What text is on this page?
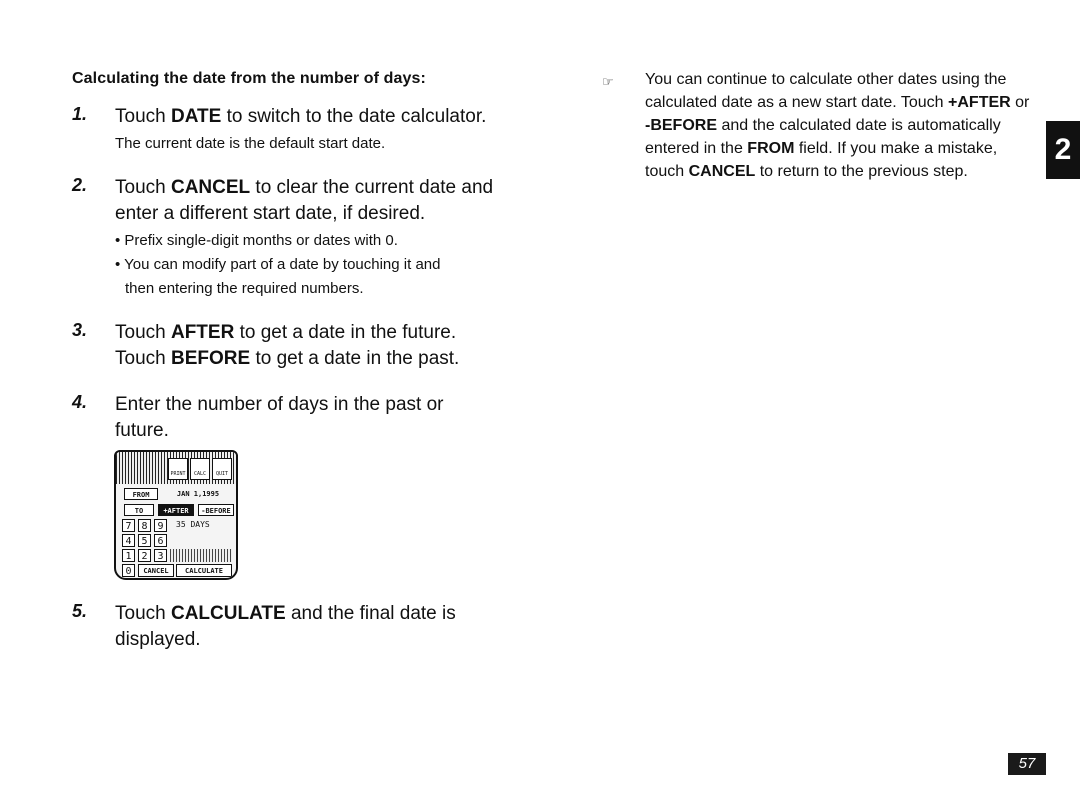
Calculating the date from the number of days:
1. Touch DATE to switch to the date calculator.
The current date is the default start date.
2. Touch CANCEL to clear the current date and enter a different start date, if desired.
• Prefix single-digit months or dates with 0.
• You can modify part of a date by touching it and
then entering the required numbers.
3. Touch AFTER to get a date in the future.
Touch BEFORE to get a date in the past.
4. Enter the number of days in the past or future.
PRINT	CALC	QUIT
FROM	JAN 1,1995
TO	+AFTER	-BEFORE
7 8 9	35 DAYS
4 5 6
1 2 3
0	CANCEL	CALCULATE
5. Touch CALCULATE and the final date is displayed.
☞ You can continue to calculate other dates using the calculated date as a new start date. Touch +AFTER or -BEFORE and the calculated date is automatically entered in the FROM field. If you make a mistake, touch CANCEL to return to the previous step.
2
57
